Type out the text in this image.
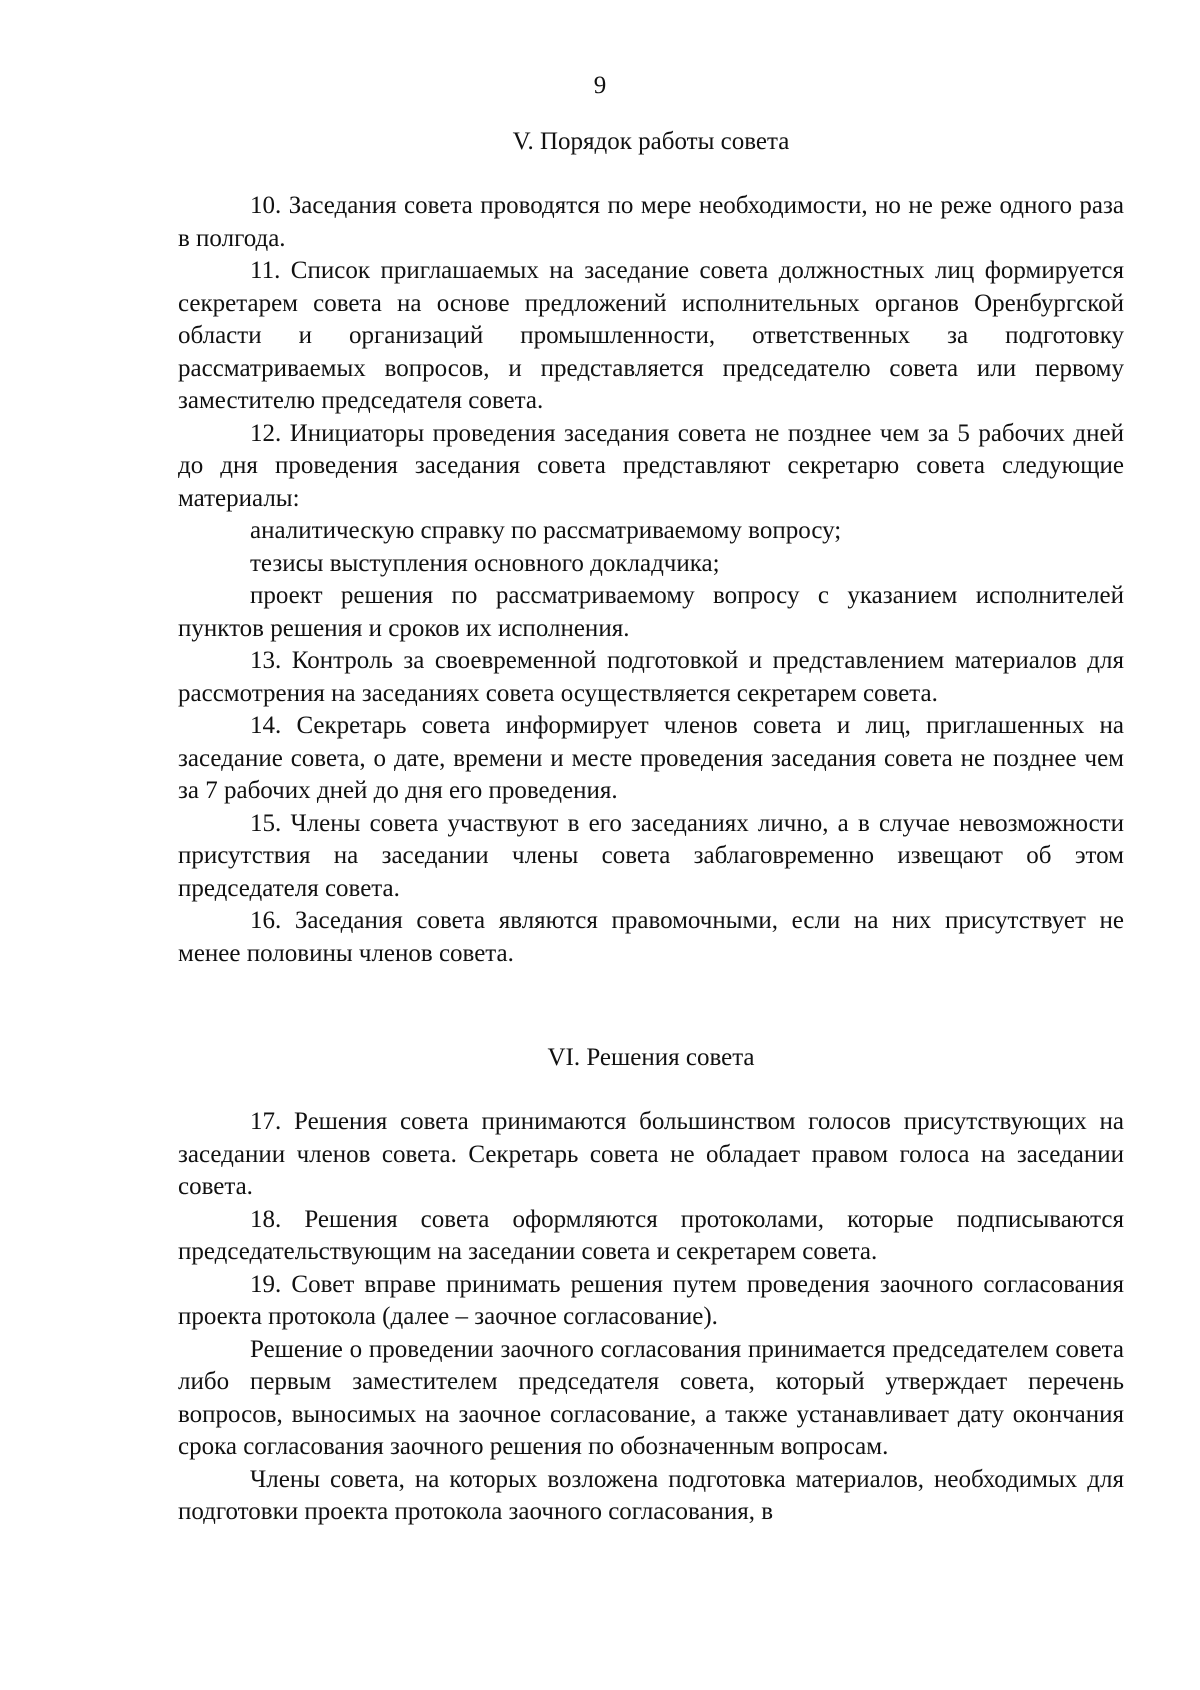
9
V. Порядок работы совета

10. Заседания совета проводятся по мере необходимости, но не реже одного раза в полгода.

11. Список приглашаемых на заседание совета должностных лиц формируется секретарем совета на основе предложений исполнительных органов Оренбургской области и организаций промышленности, ответственных за подготовку рассматриваемых вопросов, и представляется председателю совета или первому заместителю председателя совета.

12. Инициаторы проведения заседания совета не позднее чем за 5 рабочих дней до дня проведения заседания совета представляют секретарю совета следующие материалы:

аналитическую справку по рассматриваемому вопросу;

тезисы выступления основного докладчика;

проект решения по рассматриваемому вопросу с указанием исполнителей пунктов решения и сроков их исполнения.

13. Контроль за своевременной подготовкой и представлением материалов для рассмотрения на заседаниях совета осуществляется секретарем совета.

14. Секретарь совета информирует членов совета и лиц, приглашенных на заседание совета, о дате, времени и месте проведения заседания совета не позднее чем за 7 рабочих дней до дня его проведения.

15. Члены совета участвуют в его заседаниях лично, а в случае невозможности присутствия на заседании члены совета заблаговременно извещают об этом председателя совета.

16. Заседания совета являются правомочными, если на них присутствует не менее половины членов совета.

VI. Решения совета

17. Решения совета принимаются большинством голосов присутствующих на заседании членов совета. Секретарь совета не обладает правом голоса на заседании совета.

18. Решения совета оформляются протоколами, которые подписываются председательствующим на заседании совета и секретарем совета.

19. Совет вправе принимать решения путем проведения заочного согласования проекта протокола (далее – заочное согласование).

Решение о проведении заочного согласования принимается председателем совета либо первым заместителем председателя совета, который утверждает перечень вопросов, выносимых на заочное согласование, а также устанавливает дату окончания срока согласования заочного решения по обозначенным вопросам.

Члены совета, на которых возложена подготовка материалов, необходимых для подготовки проекта протокола заочного согласования, в
